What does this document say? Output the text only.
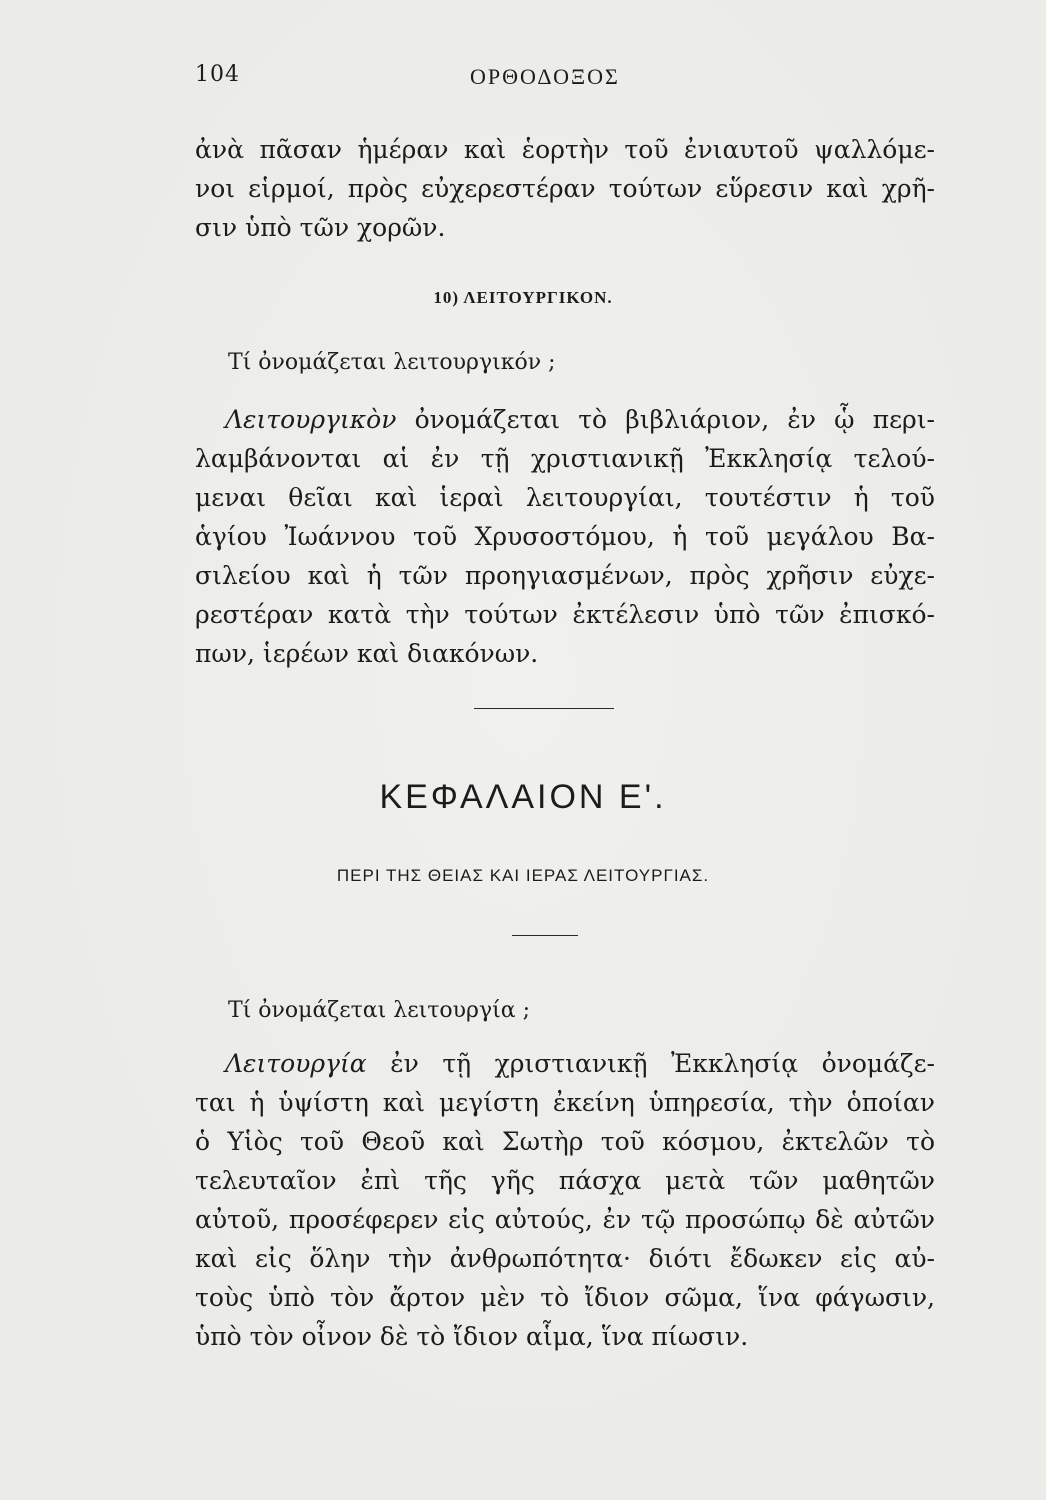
104	ΟΡΘΟΔΟΞΟΣ
ἀνὰ πᾶσαν ἡμέραν καὶ ἑορτὴν τοῦ ἐνιαυτοῦ ψαλλόμε-
νοι εἱρμοί, πρὸς εὐχερεστέραν τούτων εὕρεσιν καὶ χρῆ-
σιν ὑπὸ τῶν χορῶν.
10) ΛΕΙΤΟΥΡΓΙΚΟΝ.
Τί ὀνομάζεται λειτουργικόν ;
Λειτουργικὸν ὀνομάζεται τὸ βιβλιάριον, ἐν ᾧ περι-
λαμβάνονται αἱ ἐν τῇ χριστιανικῇ Ἐκκλησίᾳ τελού-
μεναι θεῖαι καὶ ἱεραὶ λειτουργίαι, τουτέστιν ἡ τοῦ
ἁγίου Ἰωάννου τοῦ Χρυσοστόμου, ἡ τοῦ μεγάλου Βα-
σιλείου καὶ ἡ τῶν προηγιασμένων, πρὸς χρῆσιν εὐχε-
ρεστέραν κατὰ τὴν τούτων ἐκτέλεσιν ὑπὸ τῶν ἐπισκό-
πων, ἱερέων καὶ διακόνων.
ΚΕΦΑΛΑΙΟΝ Ε'.
ΠΕΡΙ ΤΗΣ ΘΕΙΑΣ ΚΑΙ ΙΕΡΑΣ ΛΕΙΤΟΥΡΓΙΑΣ.
Τί ὀνομάζεται λειτουργία ;
Λειτουργία ἐν τῇ χριστιανικῇ Ἐκκλησίᾳ ὀνομάζε-
ται ἡ ὑψίστη καὶ μεγίστη ἐκείνη ὑπηρεσία, τὴν ὁποίαν
ὁ Υἱὸς τοῦ Θεοῦ καὶ Σωτὴρ τοῦ κόσμου, ἐκτελῶν τὸ
τελευταῖον ἐπὶ τῆς γῆς πάσχα μετὰ τῶν μαθητῶν
αὐτοῦ, προσέφερεν εἰς αὐτούς, ἐν τῷ προσώπῳ δὲ αὐτῶν
καὶ εἰς ὅλην τὴν ἀνθρωπότητα· διότι ἔδωκεν εἰς αὐ-
τοὺς ὑπὸ τὸν ἄρτον μὲν τὸ ἴδιον σῶμα, ἵνα φάγωσιν,
ὑπὸ τὸν οἶνον δὲ τὸ ἴδιον αἷμα, ἵνα πίωσιν.
